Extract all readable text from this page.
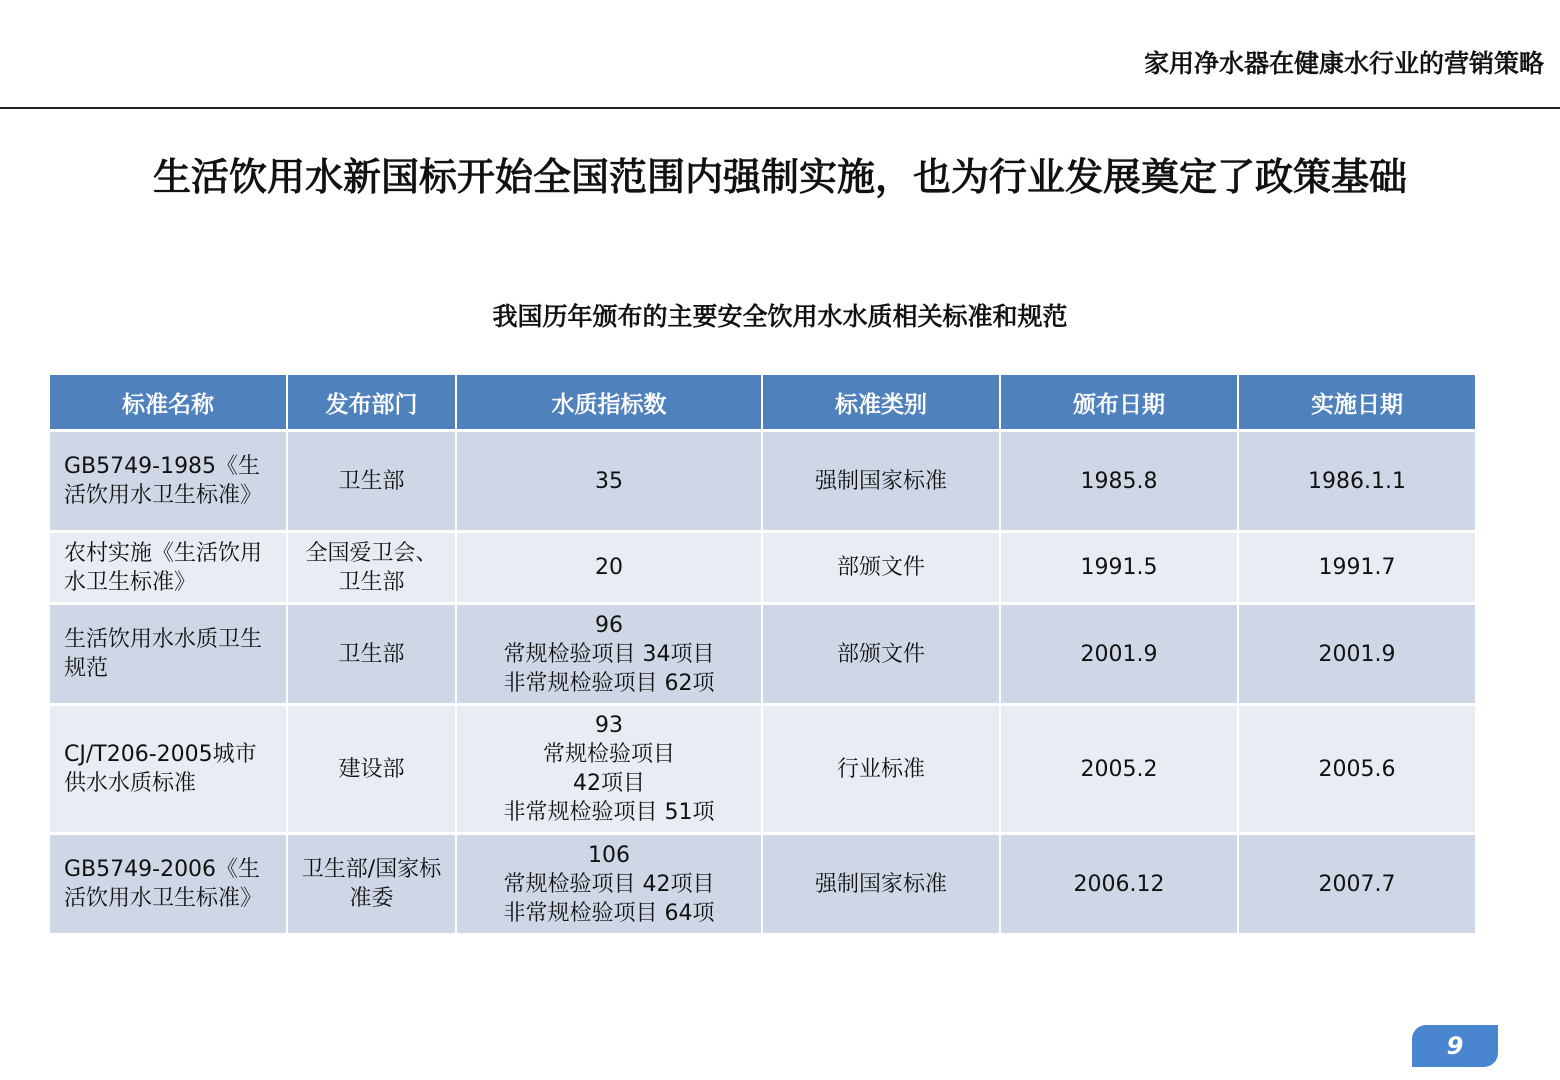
家用净水器在健康水行业的营销策略
生活饮用水新国标开始全国范围内强制实施，也为行业发展奠定了政策基础
我国历年颁布的主要安全饮用水水质相关标准和规范
标准名称	发布部门	水质指标数	标准类别	颁布日期	实施日期
GB5749-1985《生活饮用水卫生标准》	卫生部	35	强制国家标准	1985.8	1986.1.1
农村实施《生活饮用水卫生标准》	全国爱卫会、卫生部	20	部颁文件	1991.5	1991.7
生活饮用水水质卫生规范	卫生部	96
常规检验项目 34项目
非常规检验项目 62项	部颁文件	2001.9	2001.9
CJ/T206-2005城市供水水质标准	建设部	93
常规检验项目
42项目
非常规检验项目 51项	行业标准	2005.2	2005.6
GB5749-2006《生活饮用水卫生标准》	卫生部/国家标准委	106
常规检验项目 42项目
非常规检验项目 64项	强制国家标准	2006.12	2007.7
9
